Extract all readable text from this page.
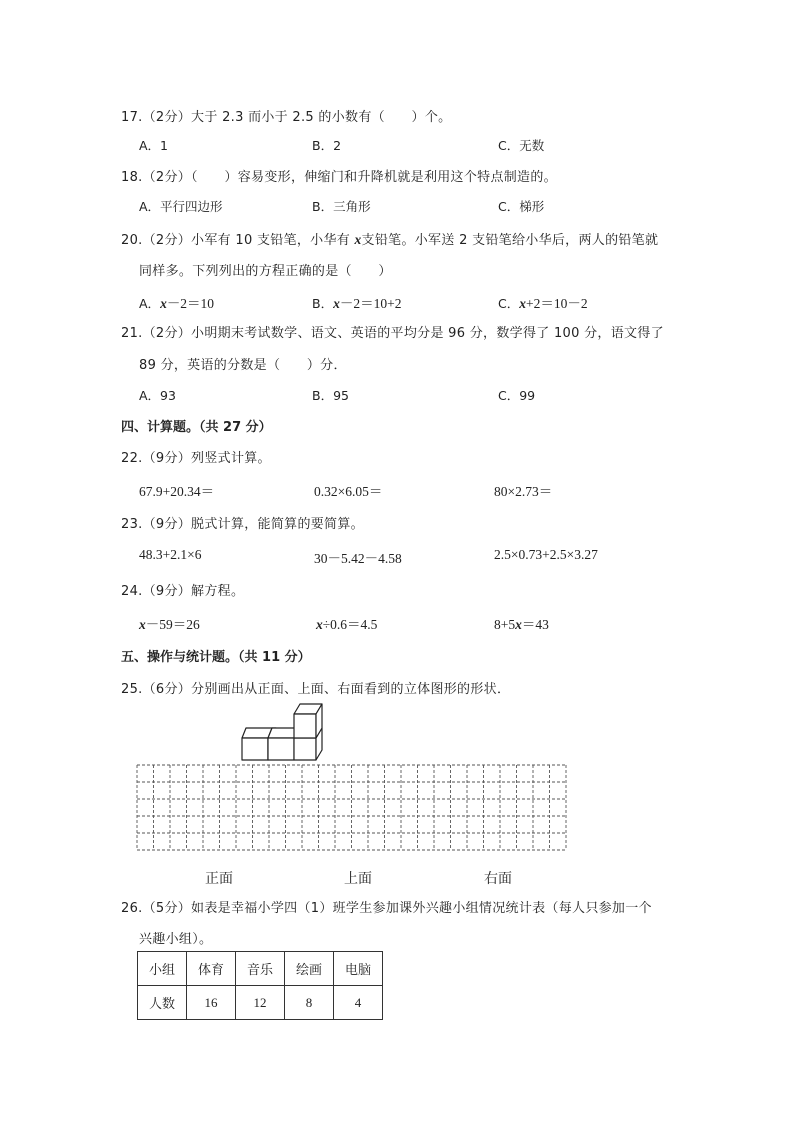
17.（2分）大于 2.3 而小于 2.5 的小数有（　　）个。
A．1	B．2	C．无数
18.（2分）（　　）容易变形，伸缩门和升降机就是利用这个特点制造的。
A．平行四边形	B．三角形	C．梯形
20.（2分）小军有 10 支铅笔，小华有 x支铅笔。小军送 2 支铅笔给小华后，两人的铅笔就
同样多。下列列出的方程正确的是（　　）
A．x－2＝10	B．x－2＝10+2	C．x+2＝10－2
21.（2分）小明期末考试数学、语文、英语的平均分是 96 分，数学得了 100 分，语文得了
89 分，英语的分数是（　　）分．
A．93	B．95	C．99
四、计算题。（共 27 分）
22.（9分）列竖式计算。
67.9+20.34＝	0.32×6.05＝	80×2.73＝
23.（9分）脱式计算，能简算的要简算。
48.3+2.1×6	30－5.42－4.58	2.5×0.73+2.5×3.27
24.（9分）解方程。
x－59＝26	x÷0.6＝4.5	8+5x＝43
五、操作与统计题。（共 11 分）
25.（6分）分别画出从正面、上面、右面看到的立体图形的形状．
正面	上面	右面
26.（5分）如表是幸福小学四（1）班学生参加课外兴趣小组情况统计表（每人只参加一个
兴趣小组）。
小组	体育	音乐	绘画	电脑
人数	16	12	8	4
